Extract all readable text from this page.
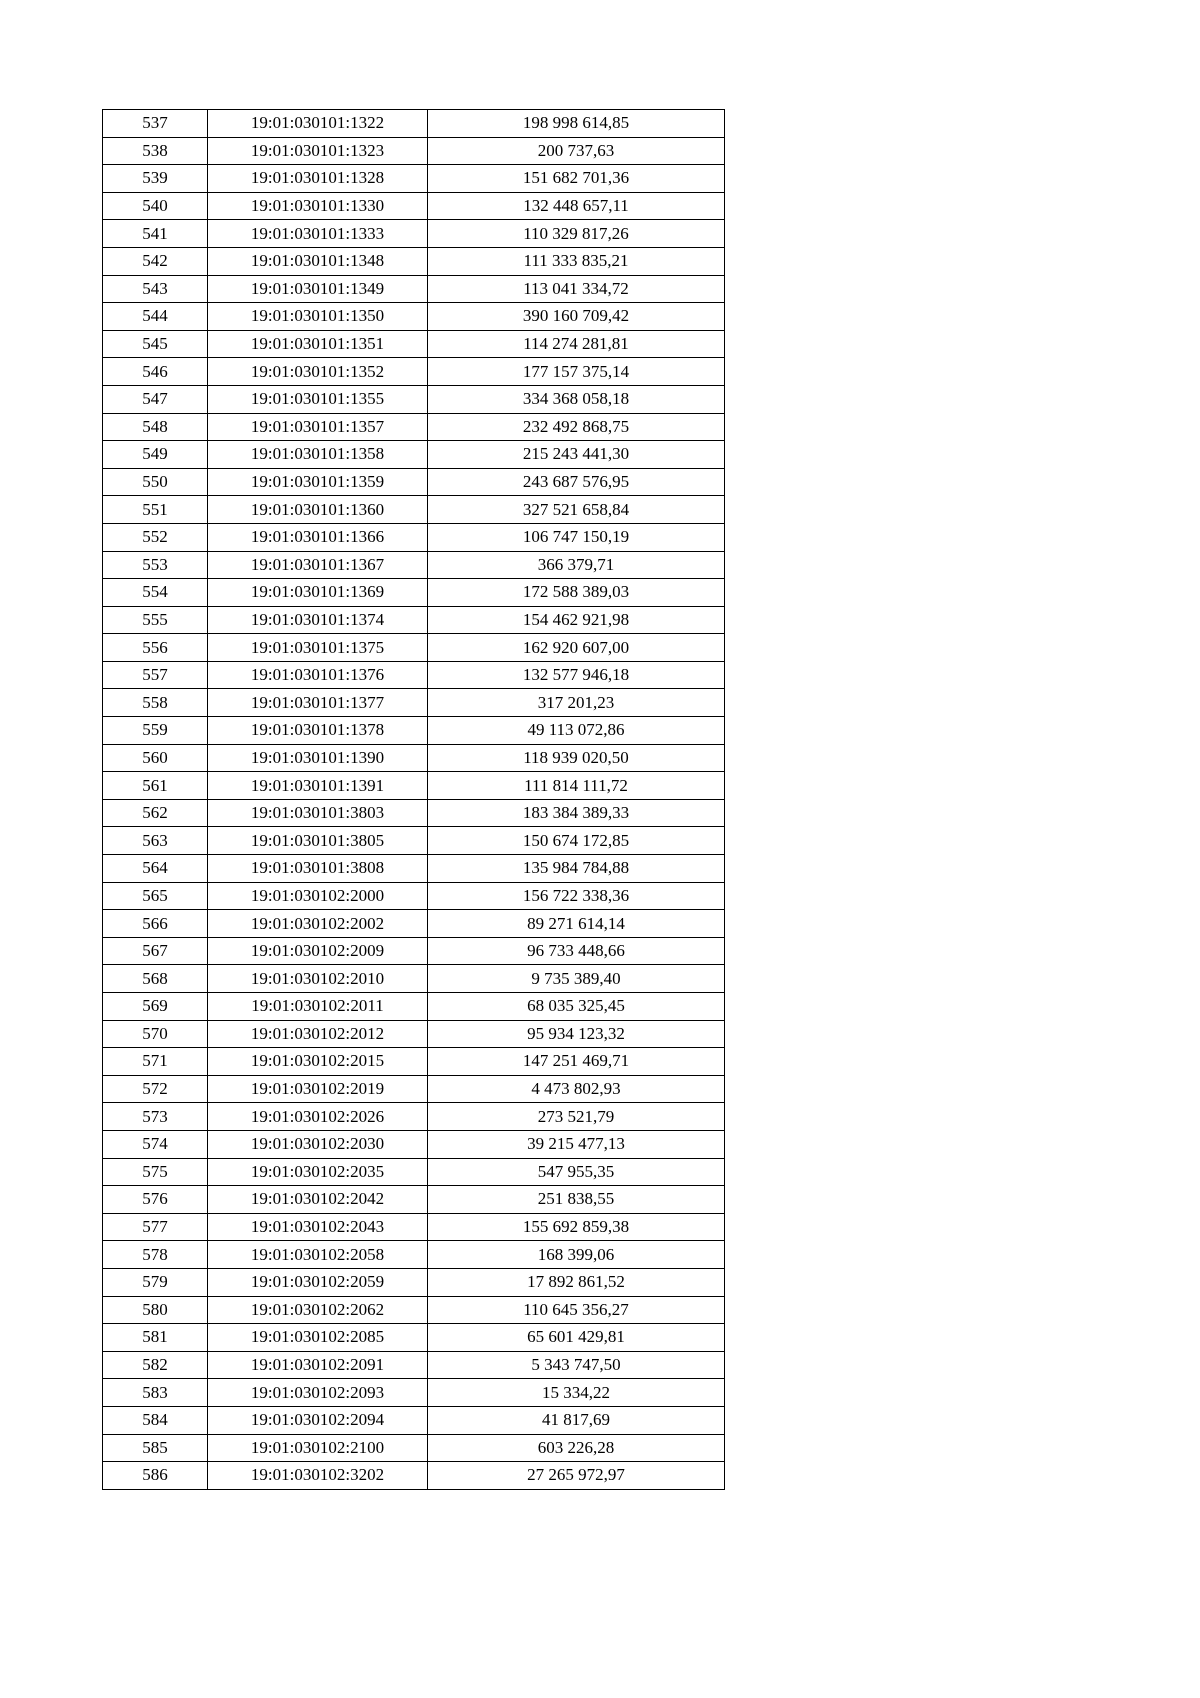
537	19:01:030101:1322	198 998 614,85
538	19:01:030101:1323	200 737,63
539	19:01:030101:1328	151 682 701,36
540	19:01:030101:1330	132 448 657,11
541	19:01:030101:1333	110 329 817,26
542	19:01:030101:1348	111 333 835,21
543	19:01:030101:1349	113 041 334,72
544	19:01:030101:1350	390 160 709,42
545	19:01:030101:1351	114 274 281,81
546	19:01:030101:1352	177 157 375,14
547	19:01:030101:1355	334 368 058,18
548	19:01:030101:1357	232 492 868,75
549	19:01:030101:1358	215 243 441,30
550	19:01:030101:1359	243 687 576,95
551	19:01:030101:1360	327 521 658,84
552	19:01:030101:1366	106 747 150,19
553	19:01:030101:1367	366 379,71
554	19:01:030101:1369	172 588 389,03
555	19:01:030101:1374	154 462 921,98
556	19:01:030101:1375	162 920 607,00
557	19:01:030101:1376	132 577 946,18
558	19:01:030101:1377	317 201,23
559	19:01:030101:1378	49 113 072,86
560	19:01:030101:1390	118 939 020,50
561	19:01:030101:1391	111 814 111,72
562	19:01:030101:3803	183 384 389,33
563	19:01:030101:3805	150 674 172,85
564	19:01:030101:3808	135 984 784,88
565	19:01:030102:2000	156 722 338,36
566	19:01:030102:2002	89 271 614,14
567	19:01:030102:2009	96 733 448,66
568	19:01:030102:2010	9 735 389,40
569	19:01:030102:2011	68 035 325,45
570	19:01:030102:2012	95 934 123,32
571	19:01:030102:2015	147 251 469,71
572	19:01:030102:2019	4 473 802,93
573	19:01:030102:2026	273 521,79
574	19:01:030102:2030	39 215 477,13
575	19:01:030102:2035	547 955,35
576	19:01:030102:2042	251 838,55
577	19:01:030102:2043	155 692 859,38
578	19:01:030102:2058	168 399,06
579	19:01:030102:2059	17 892 861,52
580	19:01:030102:2062	110 645 356,27
581	19:01:030102:2085	65 601 429,81
582	19:01:030102:2091	5 343 747,50
583	19:01:030102:2093	15 334,22
584	19:01:030102:2094	41 817,69
585	19:01:030102:2100	603 226,28
586	19:01:030102:3202	27 265 972,97
